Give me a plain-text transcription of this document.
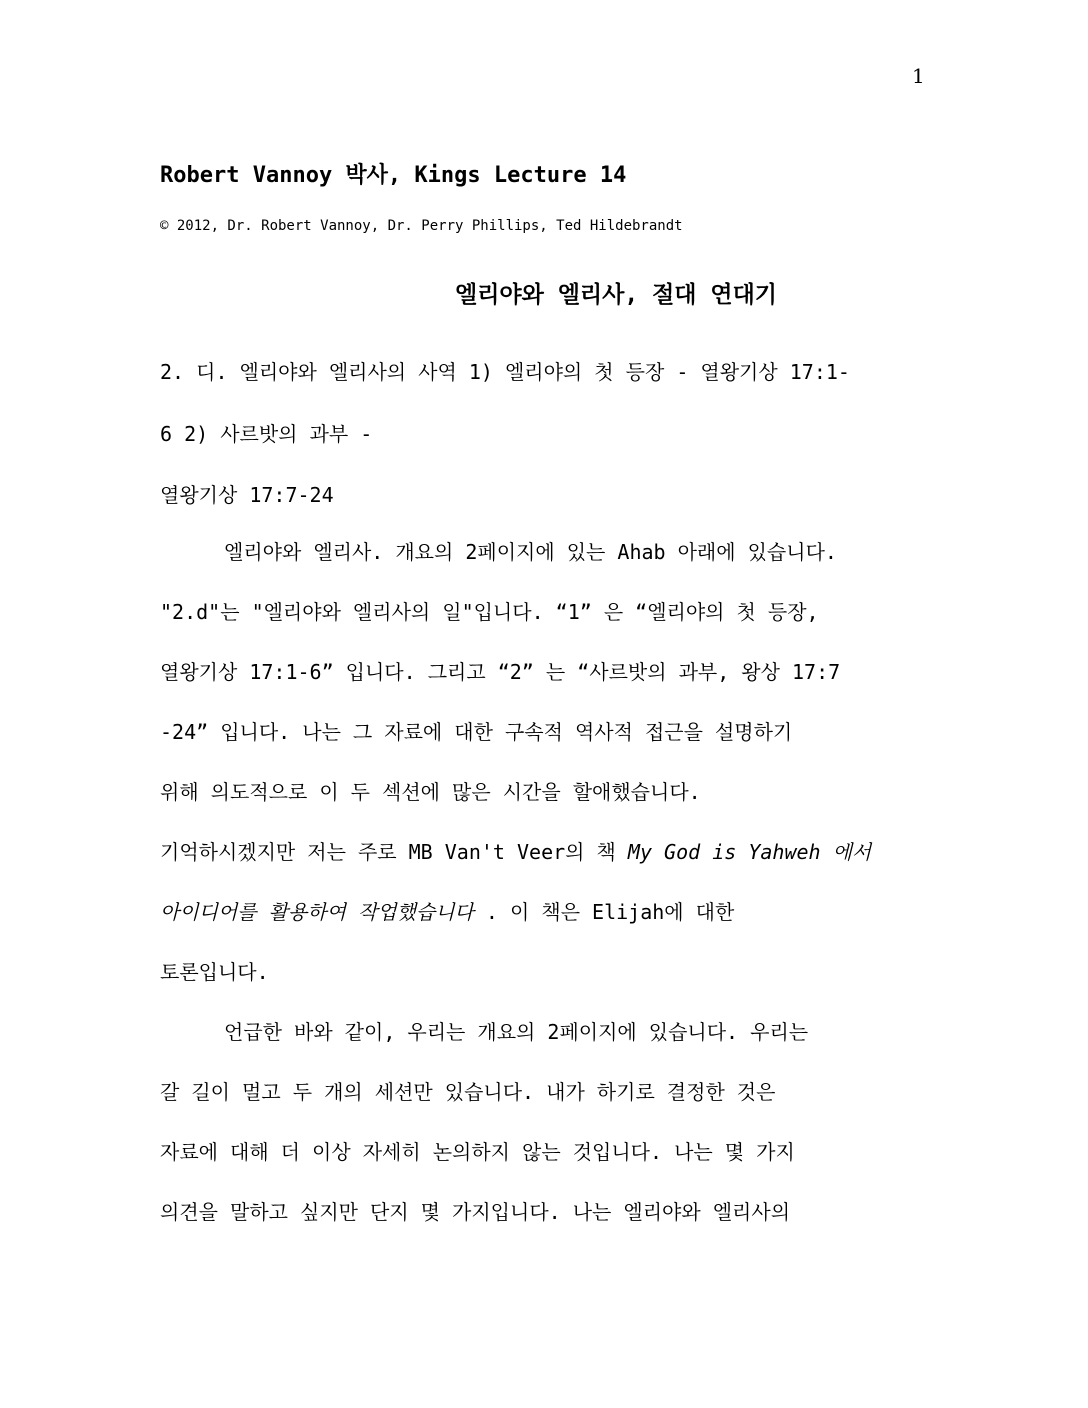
1
Robert Vannoy 박사, Kings Lecture 14
© 2012, Dr. Robert Vannoy, Dr. Perry Phillips, Ted Hildebrandt
엘리야와 엘리사, 절대 연대기
2. 디. 엘리야와 엘리사의 사역 1) 엘리야의 첫 등장 - 열왕기상 17:1-
6 2) 사르밧의 과부 -
열왕기상 17:7-24
엘리야와 엘리사. 개요의 2페이지에 있는 Ahab 아래에 있습니다.
"2.d"는 "엘리야와 엘리사의 일"입니다. “1” 은 “엘리야의 첫 등장,
열왕기상 17:1-6” 입니다. 그리고 “2” 는 “사르밧의 과부, 왕상 17:7
-24” 입니다. 나는 그 자료에 대한 구속적 역사적 접근을 설명하기
위해 의도적으로 이 두 섹션에 많은 시간을 할애했습니다.
기억하시겠지만 저는 주로 MB Van't Veer의 책 My God is Yahweh 에서
아이디어를 활용하여 작업했습니다 . 이 책은 Elijah에 대한
토론입니다.
언급한 바와 같이, 우리는 개요의 2페이지에 있습니다. 우리는
갈 길이 멀고 두 개의 세션만 있습니다. 내가 하기로 결정한 것은
자료에 대해 더 이상 자세히 논의하지 않는 것입니다. 나는 몇 가지
의견을 말하고 싶지만 단지 몇 가지입니다. 나는 엘리야와 엘리사의
